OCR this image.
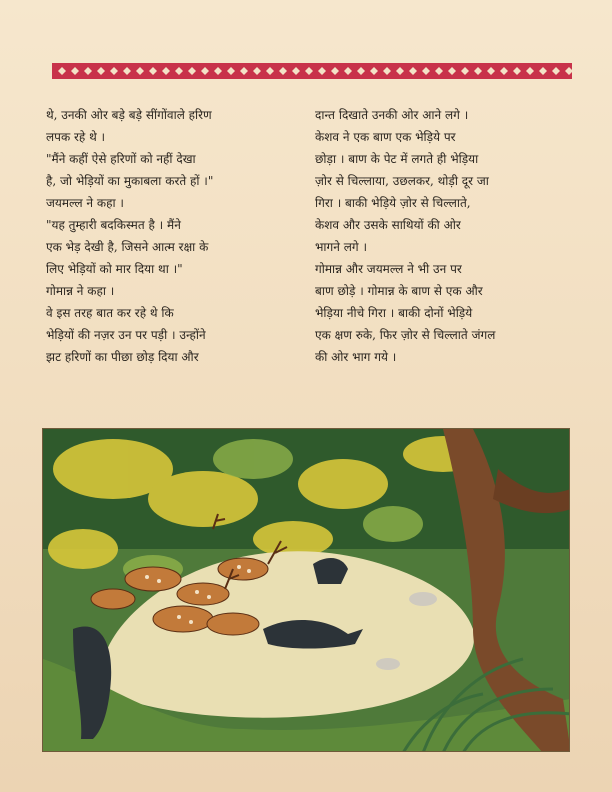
थे, उनकी ओर बड़े बड़े सींगोंवाले हरिण
लपक रहे थे ।
"मैंने कहीं ऐसे हरिणों को नहीं देखा
है, जो भेड़ियों का मुकाबला करते हों ।"
जयमल्ल ने कहा ।
"यह तुम्हारी बदकिस्मत है । मैंने
एक भेड़ देखी है, जिसने आत्म रक्षा के
लिए भेड़ियों को मार दिया था ।"
गोमान्न ने कहा ।
वे इस तरह बात कर रहे थे कि
भेड़ियों की नज़र उन पर पड़ी । उन्होंने
झट हरिणों का पीछा छोड़ दिया और
दान्त दिखाते उनकी ओर आने लगे ।
केशव ने एक बाण एक भेड़िये पर
छोड़ा । बाण के पेट में लगते ही भेड़िया
ज़ोर से चिल्लाया, उछलकर, थोड़ी दूर जा
गिरा । बाकी भेड़िये ज़ोर से चिल्लाते,
केशव और उसके साथियों की ओर
भागने लगे ।
गोमान्न और जयमल्ल ने भी उन पर
बाण छोड़े । गोमान्न के बाण से एक और
भेड़िया नीचे गिरा । बाकी दोनों भेड़िये
एक क्षण रुके, फिर ज़ोर से चिल्लाते जंगल
की ओर भाग गये ।
